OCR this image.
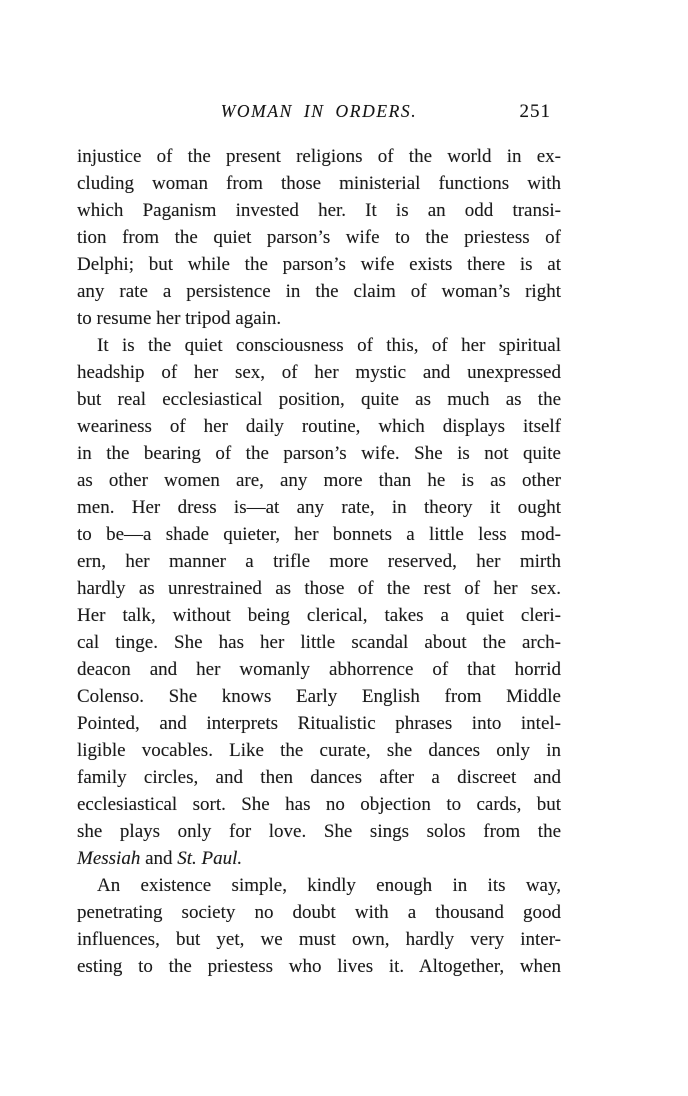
WOMAN IN ORDERS.	251
injustice of the present religions of the world in ex-
cluding woman from those ministerial functions with
which Paganism invested her. It is an odd transi-
tion from the quiet parson’s wife to the priestess of
Delphi; but while the parson’s wife exists there is at
any rate a persistence in the claim of woman’s right
to resume her tripod again.
It is the quiet consciousness of this, of her spiritual
headship of her sex, of her mystic and unexpressed
but real ecclesiastical position, quite as much as the
weariness of her daily routine, which displays itself
in the bearing of the parson’s wife. She is not quite
as other women are, any more than he is as other
men. Her dress is—at any rate, in theory it ought
to be—a shade quieter, her bonnets a little less mod-
ern, her manner a trifle more reserved, her mirth
hardly as unrestrained as those of the rest of her sex.
Her talk, without being clerical, takes a quiet cleri-
cal tinge. She has her little scandal about the arch-
deacon and her womanly abhorrence of that horrid
Colenso. She knows Early English from Middle
Pointed, and interprets Ritualistic phrases into intel-
ligible vocables. Like the curate, she dances only in
family circles, and then dances after a discreet and
ecclesiastical sort. She has no objection to cards, but
she plays only for love. She sings solos from the
Messiah and St. Paul.
An existence simple, kindly enough in its way,
penetrating society no doubt with a thousand good
influences, but yet, we must own, hardly very inter-
esting to the priestess who lives it. Altogether, when
